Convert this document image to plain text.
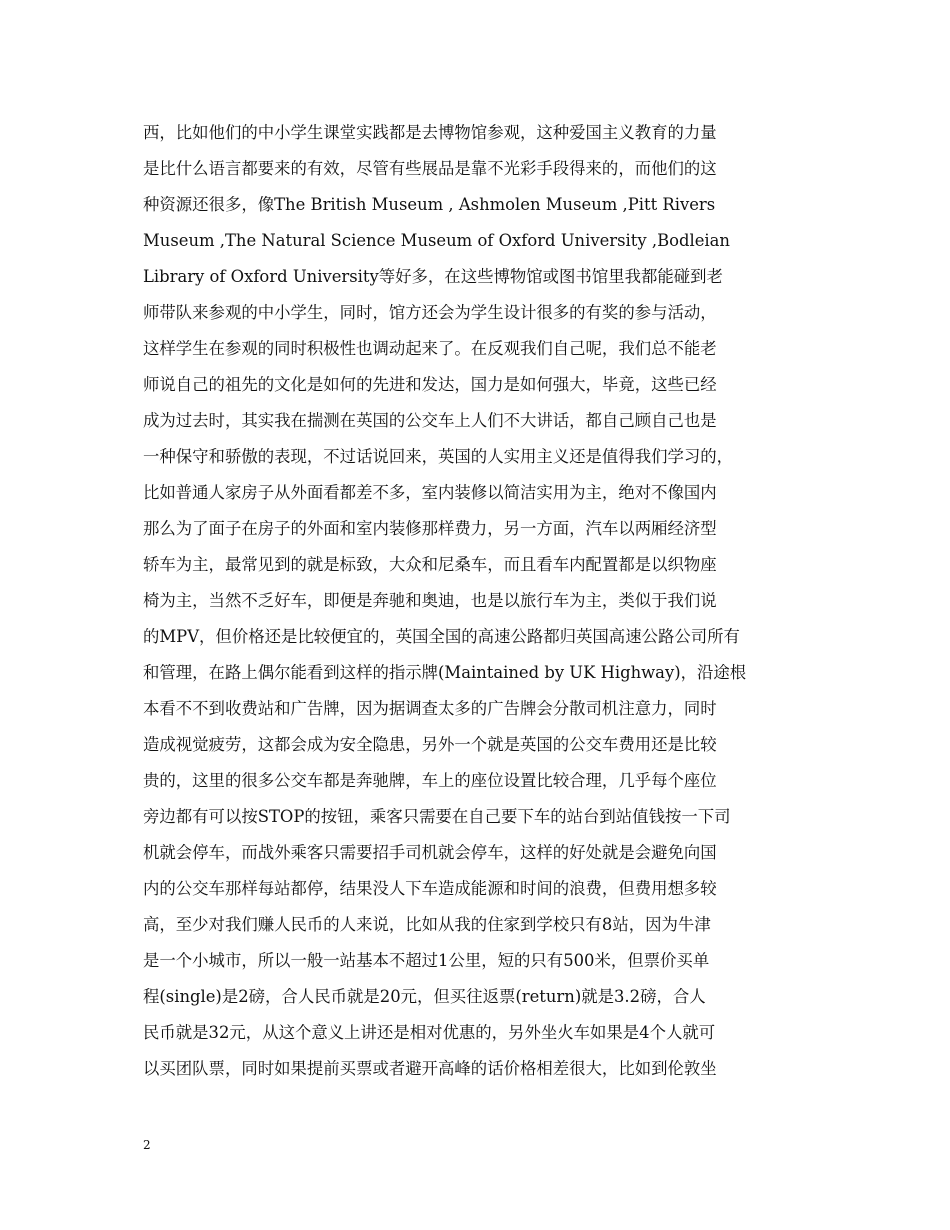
西，比如他们的中小学生课堂实践都是去博物馆参观，这种爱国主义教育的力量
是比什么语言都要来的有效，尽管有些展品是靠不光彩手段得来的，而他们的这
种资源还很多，像The British Museum , Ashmolen Museum ,Pitt Rivers
Museum ,The Natural Science Museum of Oxford University ,Bodleian
Library of Oxford University等好多，在这些博物馆或图书馆里我都能碰到老
师带队来参观的中小学生，同时，馆方还会为学生设计很多的有奖的参与活动，
这样学生在参观的同时积极性也调动起来了。在反观我们自己呢，我们总不能老
师说自己的祖先的文化是如何的先进和发达，国力是如何强大，毕竟，这些已经
成为过去时，其实我在揣测在英国的公交车上人们不大讲话，都自己顾自己也是
一种保守和骄傲的表现，不过话说回来，英国的人实用主义还是值得我们学习的，
比如普通人家房子从外面看都差不多，室内装修以简洁实用为主，绝对不像国内
那么为了面子在房子的外面和室内装修那样费力，另一方面，汽车以两厢经济型
轿车为主，最常见到的就是标致，大众和尼桑车，而且看车内配置都是以织物座
椅为主，当然不乏好车，即便是奔驰和奥迪，也是以旅行车为主，类似于我们说
的MPV，但价格还是比较便宜的，英国全国的高速公路都归英国高速公路公司所有
和管理，在路上偶尔能看到这样的指示牌(Maintained by UK Highway)，沿途根
本看不不到收费站和广告牌，因为据调查太多的广告牌会分散司机注意力，同时
造成视觉疲劳，这都会成为安全隐患，另外一个就是英国的公交车费用还是比较
贵的，这里的很多公交车都是奔驰牌，车上的座位设置比较合理，几乎每个座位
旁边都有可以按STOP的按钮，乘客只需要在自己要下车的站台到站值钱按一下司
机就会停车，而战外乘客只需要招手司机就会停车，这样的好处就是会避免向国
内的公交车那样每站都停，结果没人下车造成能源和时间的浪费，但费用想多较
高，至少对我们赚人民币的人来说，比如从我的住家到学校只有8站，因为牛津
是一个小城市，所以一般一站基本不超过1公里，短的只有500米，但票价买单
程(single)是2磅，合人民币就是20元，但买往返票(return)就是3.2磅，合人
民币就是32元，从这个意义上讲还是相对优惠的，另外坐火车如果是4个人就可
以买团队票，同时如果提前买票或者避开高峰的话价格相差很大，比如到伦敦坐
2
